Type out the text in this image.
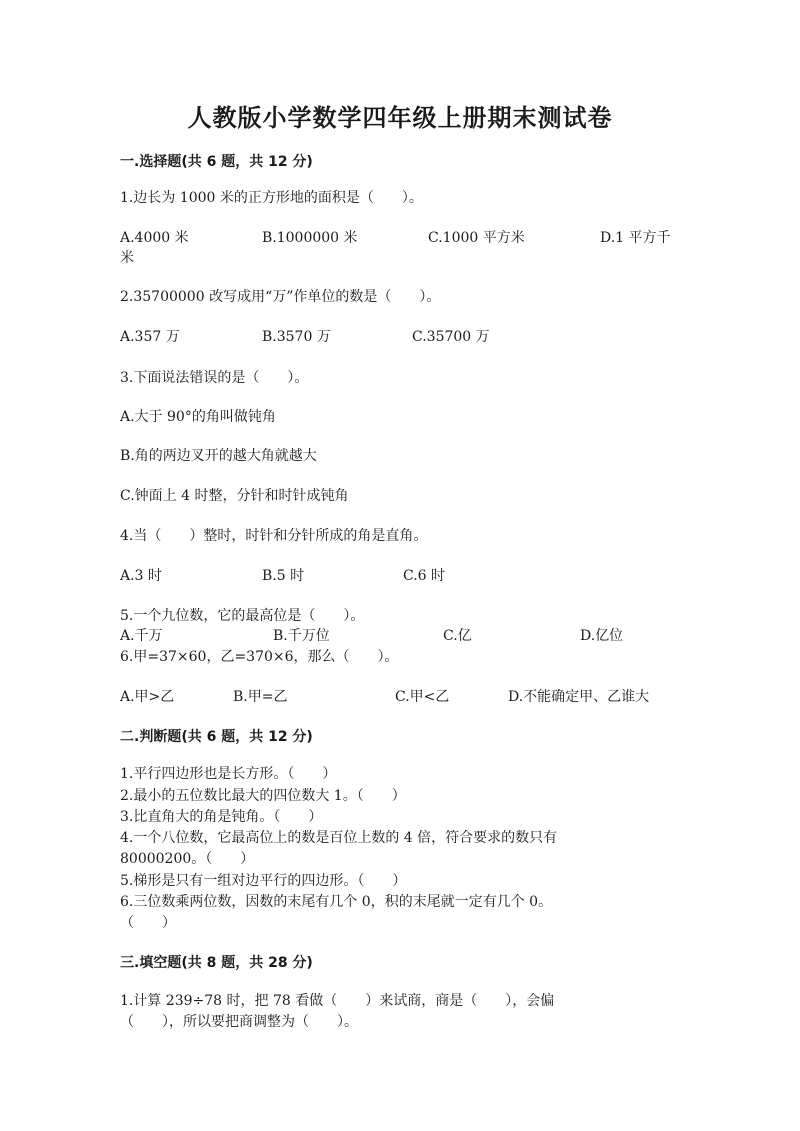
人教版小学数学四年级上册期末测试卷
一.选择题(共 6 题，共 12 分)
1.边长为 1000 米的正方形地的面积是（　　）。
A.4000 米	B.1000000 米	C.1000 平方米	D.1 平方千
米
2.35700000 改写成用“万”作单位的数是（　　）。
A.357 万	B.3570 万	C.35700 万
3.下面说法错误的是（　　）。
A.大于 90°的角叫做钝角
B.角的两边叉开的越大角就越大
C.钟面上 4 时整，分针和时针成钝角
4.当（　　）整时，时针和分针所成的角是直角。
A.3 时	B.5 时	C.6 时
5.一个九位数，它的最高位是（　　）。
A.千万	B.千万位	C.亿	D.亿位
6.甲=37×60，乙=370×6，那么（　　）。
A.甲>乙	B.甲=乙	C.甲<乙	D.不能确定甲、乙谁大
二.判断题(共 6 题，共 12 分)
1.平行四边形也是长方形。（　　）
2.最小的五位数比最大的四位数大 1。（　　）
3.比直角大的角是钝角。（　　）
4.一个八位数，它最高位上的数是百位上数的 4 倍，符合要求的数只有
80000200。（　　）
5.梯形是只有一组对边平行的四边形。（　　）
6.三位数乘两位数，因数的末尾有几个 0，积的末尾就一定有几个 0。
（　　）
三.填空题(共 8 题，共 28 分)
1.计算 239÷78 时，把 78 看做（　　）来试商，商是（　　），会偏
（　　），所以要把商调整为（　　）。
